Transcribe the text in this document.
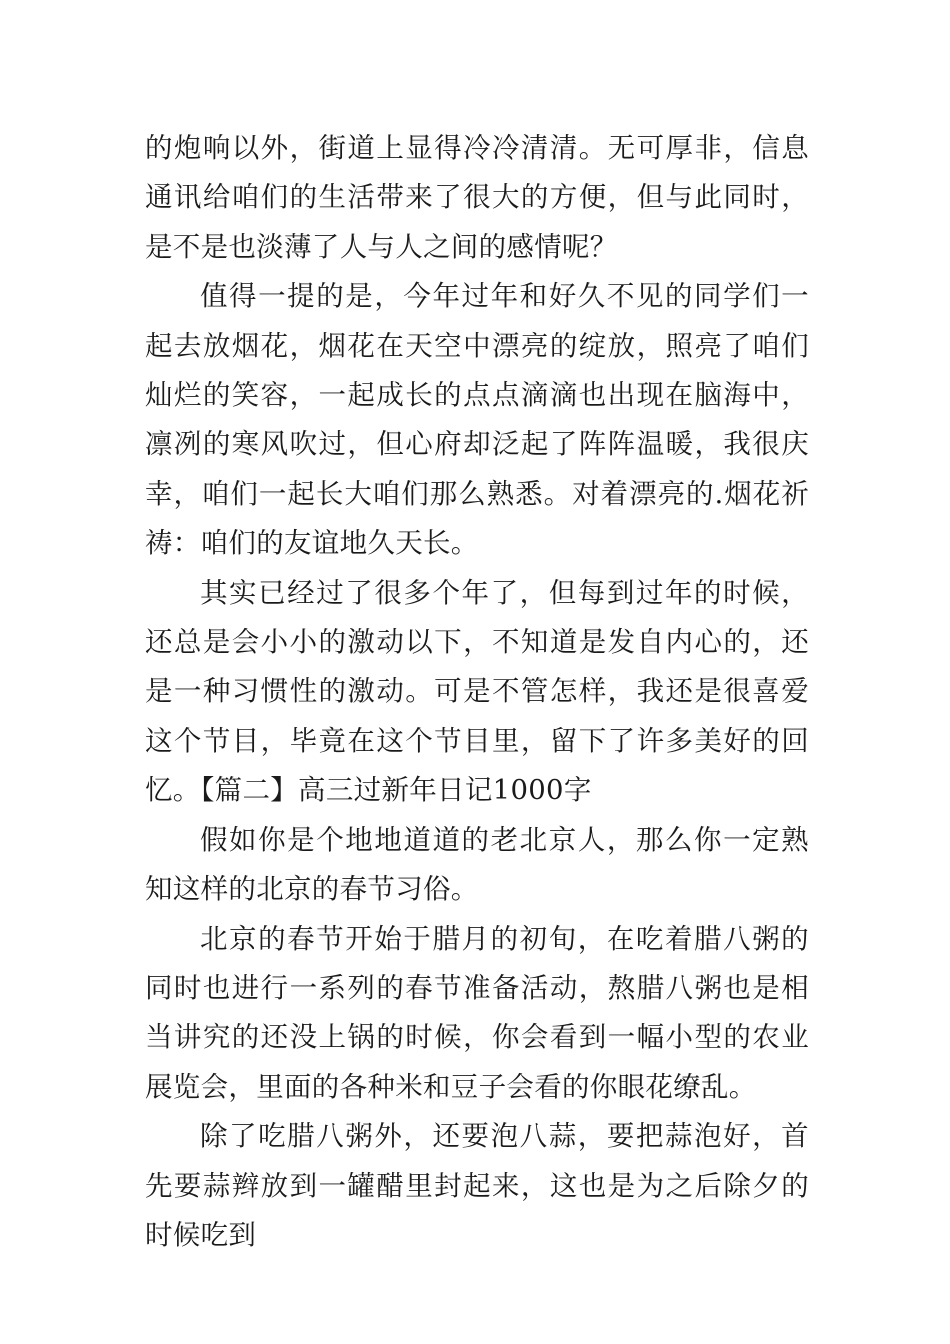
的炮响以外，街道上显得冷冷清清。无可厚非，信息通讯给咱们的生活带来了很大的方便，但与此同时，是不是也淡薄了人与人之间的感情呢？

值得一提的是，今年过年和好久不见的同学们一起去放烟花，烟花在天空中漂亮的绽放，照亮了咱们灿烂的笑容，一起成长的点点滴滴也出现在脑海中，凛冽的寒风吹过，但心府却泛起了阵阵温暖，我很庆幸，咱们一起长大咱们那么熟悉。对着漂亮的.烟花祈祷：咱们的友谊地久天长。

其实已经过了很多个年了，但每到过年的时候，还总是会小小的激动以下，不知道是发自内心的，还是一种习惯性的激动。可是不管怎样，我还是很喜爱这个节目，毕竟在这个节目里，留下了许多美好的回忆。【篇二】高三过新年日记1000字

假如你是个地地道道的老北京人，那么你一定熟知这样的北京的春节习俗。

北京的春节开始于腊月的初旬，在吃着腊八粥的同时也进行一系列的春节准备活动，熬腊八粥也是相当讲究的还没上锅的时候，你会看到一幅小型的农业展览会，里面的各种米和豆子会看的你眼花缭乱。

除了吃腊八粥外，还要泡八蒜，要把蒜泡好，首先要蒜辫放到一罐醋里封起来，这也是为之后除夕的时候吃到
